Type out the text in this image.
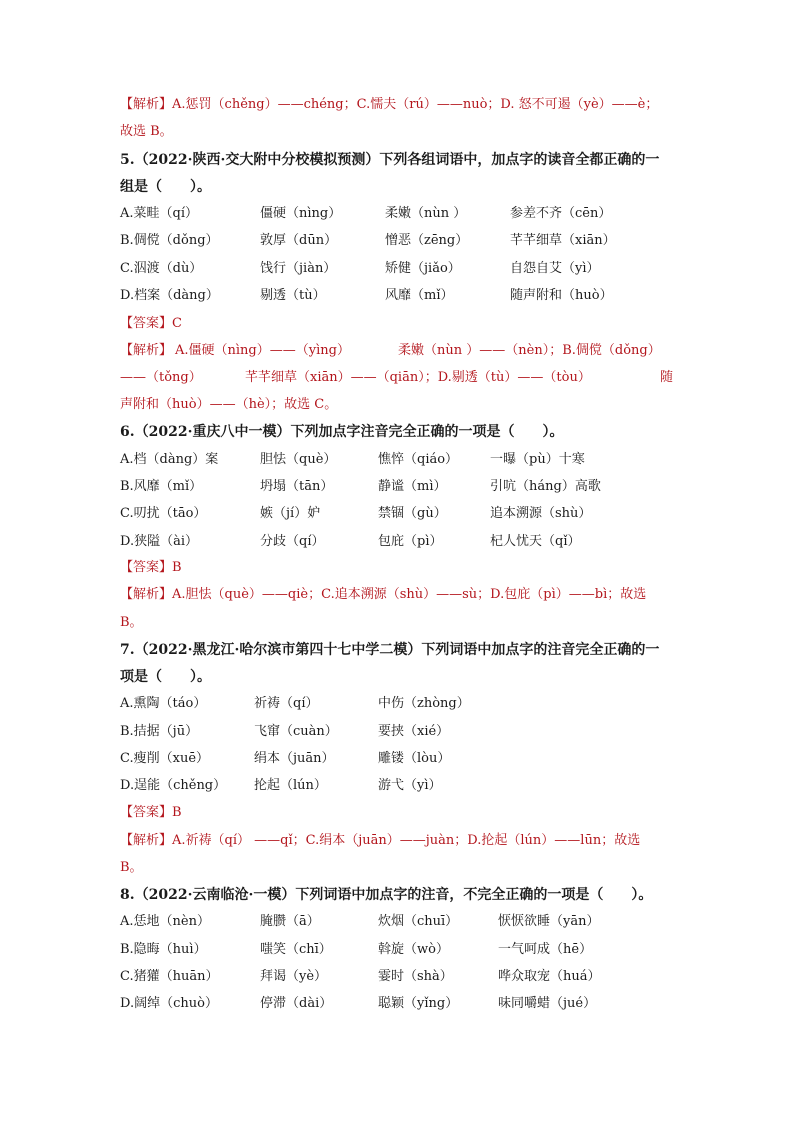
【解析】A.惩罚（chěng）——chéng；C.懦夫（rú）——nuò；D. 怒不可遏（yè）——è；
故选 B。
5.（2022·陕西·交大附中分校模拟预测）下列各组词语中，加点字的读音全都正确的一
组是（　　）。
A.菜畦（qí）	僵硬（nìng）	柔嫩（nùn ）	参差不齐（cēn）
B.倜傥（dǒng）	敦厚（dūn）	憎恶（zēng）	芊芊细草（xiān）
C.泅渡（dù）	饯行（jiàn）	矫健（jiǎo）	自怨自艾（yì）
D.档案（dàng）	剔透（tù）	风靡（mǐ）	随声附和（huò）
【答案】C
【解析】 A.僵硬（nìng）——（yìng）	柔嫩（nùn ）——（nèn）；B.倜傥（dǒng）
——（tǒng）	芊芊细草（xiān）——（qiān）；D.剔透（tù）——（tòu）	随
声附和（huò）——（hè）；故选 C。
6.（2022·重庆八中一模）下列加点字注音完全正确的一项是（　　）。
A.档（dàng）案	胆怯（què）	憔悴（qiáo） 一曝（pù）十寒
B.风靡（mǐ）	坍塌（tān）	静谧（mì）	引吭（háng）高歌
C.叨扰（tāo）	嫉（jí）妒	禁锢（gù）	追本溯源（shù）
D.狭隘（ài）	分歧（qí）	包庇（pì）	杞人忧天（qǐ）
【答案】B
【解析】A.胆怯（què）——qiè；C.追本溯源（shù）——sù；D.包庇（pì）——bì；故选
B。
7.（2022·黑龙江·哈尔滨市第四十七中学二模）下列词语中加点字的注音完全正确的一
项是（　　）。
A.熏陶（táo）	祈祷（qí）	中伤（zhòng）
B.拮据（jū）	飞窜（cuàn）	要挟（xié）
C.瘦削（xuē）	绢本（juān）	雕镂（lòu）
D.逞能（chěng） 抡起（lún）	游弋（yì）
【答案】B
【解析】A.祈祷（qí） ——qǐ；C.绢本（juān）——juàn；D.抡起（lún）——lūn；故选
B。
8.（2022·云南临沧·一模）下列词语中加点字的注音，不完全正确的一项是（　　）。
A.恁地（nèn）	腌臜（ā）	炊烟（chuī）	恹恹欲睡（yān）
B.隐晦（huì）	嗤笑（chī）	斡旋（wò）	一气呵成（hē）
C.猪獾（huān）	拜谒（yè）	霎时（shà）	哗众取宠（huá）
D.阔绰（chuò）	停滞（dài）	聪颖（yǐng）	味同嚼蜡（jué）
